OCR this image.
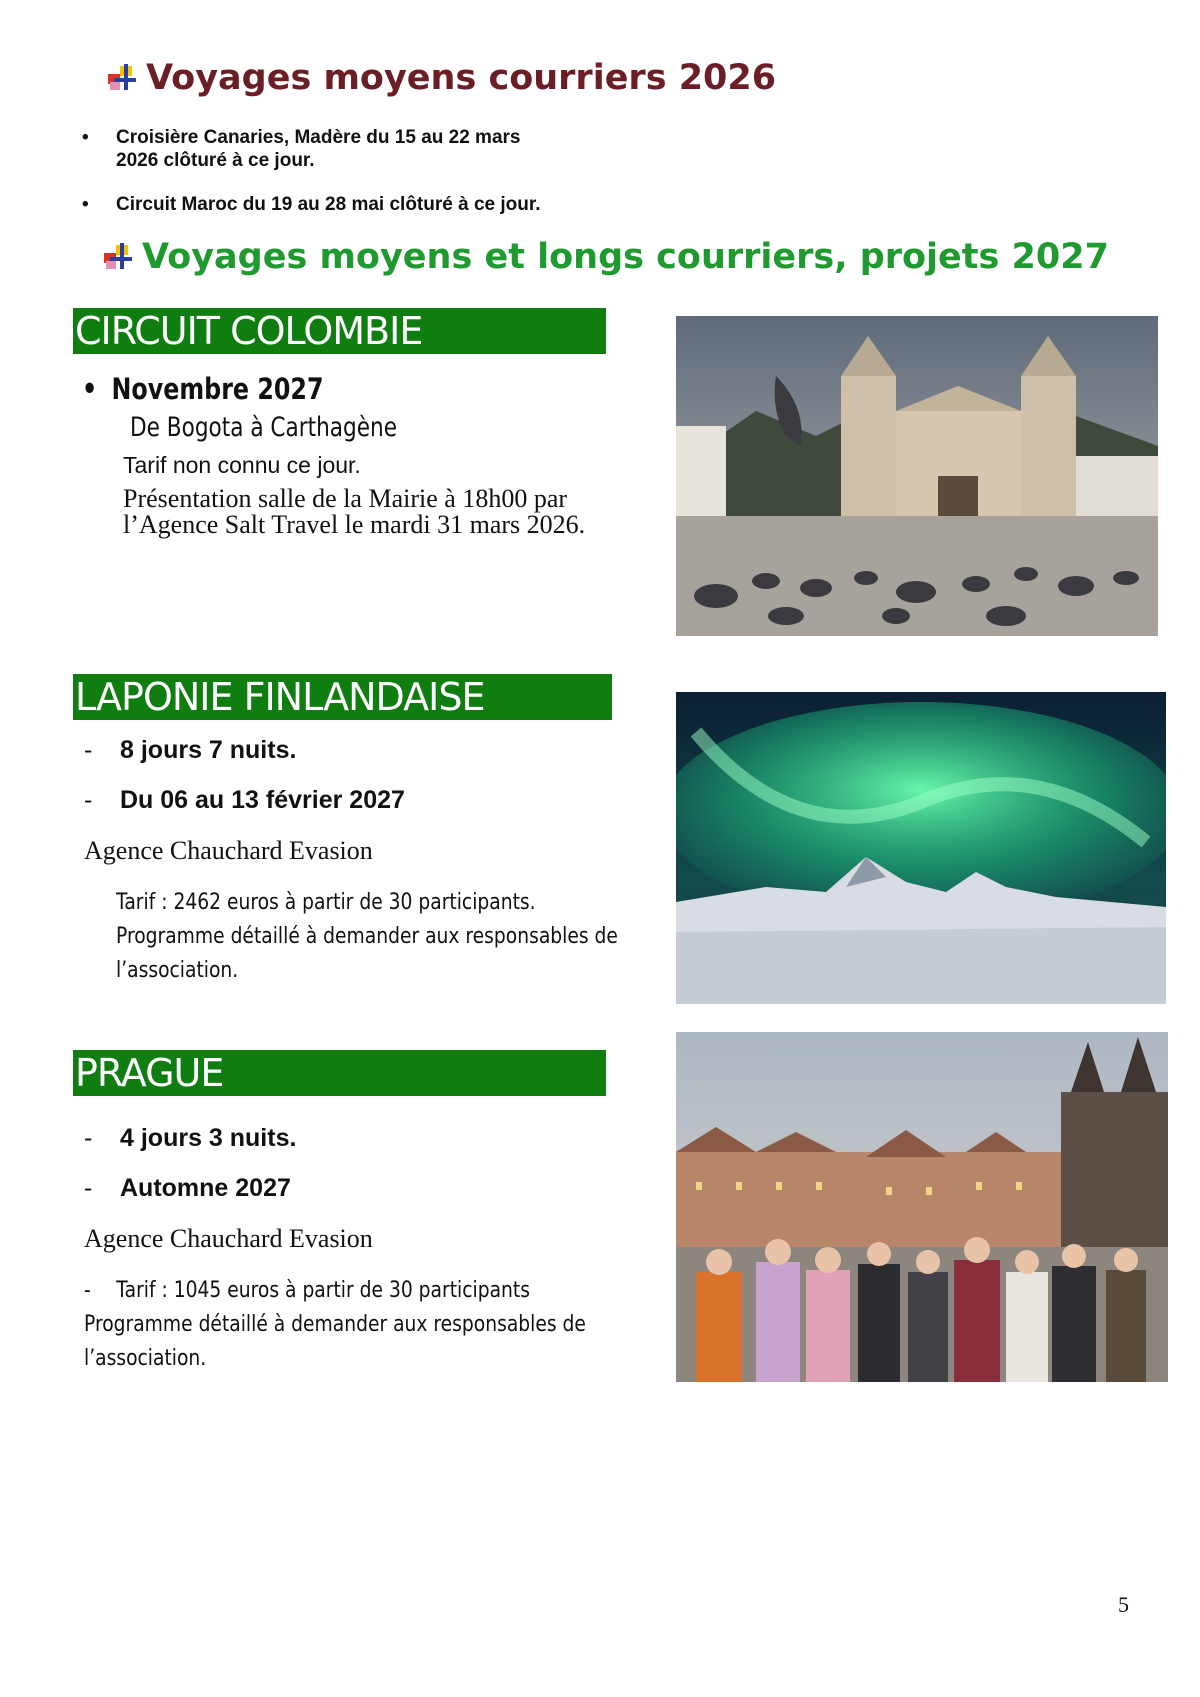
Voyages moyens courriers 2026
• Croisière Canaries, Madère du 15 au 22 mars
2026 clôturé à ce jour.
• Circuit Maroc du 19 au 28 mai clôturé à ce jour.
Voyages moyens et longs courriers, projets 2027
CIRCUIT COLOMBIE
• Novembre 2027
De Bogota à Carthagène
Tarif non connu ce jour.
Présentation salle de la Mairie à 18h00 par
l’Agence Salt Travel le mardi 31 mars 2026.
LAPONIE FINLANDAISE
- 8 jours 7 nuits.
- Du 06 au 13 février 2027
Agence Chauchard Evasion
Tarif : 2462 euros à partir de 30 participants.
Programme détaillé à demander aux responsables de
l’association.
PRAGUE
- 4 jours 3 nuits.
- Automne 2027
Agence Chauchard Evasion
- Tarif : 1045 euros à partir de 30 participants
Programme détaillé à demander aux responsables de
l’association.
5
